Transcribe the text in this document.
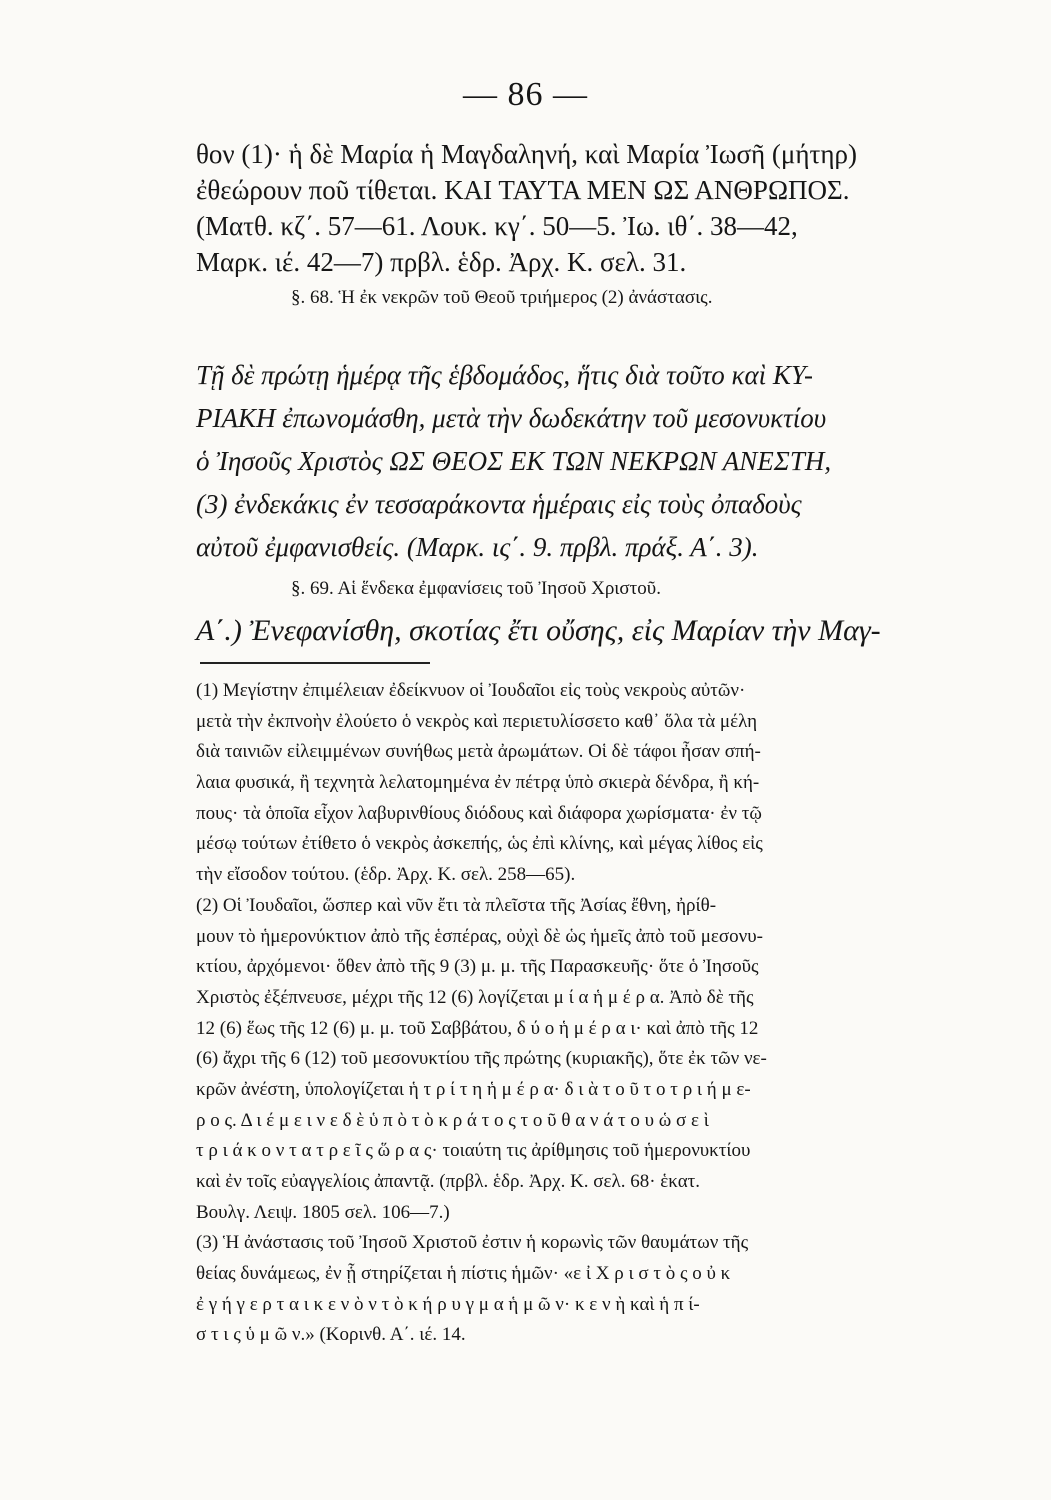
— 86 —
θον (1)· ἡ δὲ Μαρία ἡ Μαγδαληνή, καὶ Μαρία Ἰωσῆ (μήτηρ)
ἐθεώρουν ποῦ τίθεται. ΚΑΙ ΤΑΥΤΑ ΜΕΝ ΩΣ ΑΝΘΡΩΠΟΣ.
(Ματθ. κζ΄. 57—61. Λουκ. κγ΄. 50—5. Ἰω. ιθ΄. 38—42,
Μαρκ. ιέ. 42—7) πρβλ. ἑδρ. Ἀρχ. Κ. σελ. 31.
§. 68. Ἡ ἐκ νεκρῶν τοῦ Θεοῦ τριήμερος (2) ἀνάστασις.
Τῇ δὲ πρώτῃ ἡμέρᾳ τῆς ἑβδομάδος, ἥτις διὰ τοῦτο καὶ ΚΥ-
ΡΙΑΚΗ ἐπωνομάσθη, μετὰ τὴν δωδεκάτην τοῦ μεσονυκτίου
ὁ Ἰησοῦς Χριστὸς ΩΣ ΘΕΟΣ ΕΚ ΤΩΝ ΝΕΚΡΩΝ ΑΝΕΣΤΗ,
(3) ἐνδεκάκις ἐν τεσσαράκοντα ἡμέραις εἰς τοὺς ὀπαδοὺς
αὐτοῦ ἐμφανισθείς. (Μαρκ. ις΄. 9. πρβλ. πράξ. Α΄. 3).
§. 69. Αἱ ἕνδεκα ἐμφανίσεις τοῦ Ἰησοῦ Χριστοῦ.
Α΄.) Ἐνεφανίσθη, σκοτίας ἔτι οὔσης, εἰς Μαρίαν τὴν Μαγ-
(1) Μεγίστην ἐπιμέλειαν ἐδείκνυον οἱ Ἰουδαῖοι εἰς τοὺς νεκροὺς αὐτῶν·
μετὰ τὴν ἐκπνοὴν ἐλούετο ὁ νεκρὸς καὶ περιετυλίσσετο καθ᾽ ὅλα τὰ μέλη
διὰ ταινιῶν εἰλειμμένων συνήθως μετὰ ἀρωμάτων. Οἱ δὲ τάφοι ἦσαν σπή-
λαια φυσικά, ἢ τεχνητὰ λελατομημένα ἐν πέτρᾳ ὑπὸ σκιερὰ δένδρα, ἢ κή-
πους· τὰ ὁποῖα εἶχον λαβυρινθίους διόδους καὶ διάφορα χωρίσματα· ἐν τῷ
μέσῳ τούτων ἐτίθετο ὁ νεκρὸς ἀσκεπής, ὡς ἐπὶ κλίνης, καὶ μέγας λίθος εἰς
τὴν εἴσοδον τούτου. (ἑδρ. Ἀρχ. Κ. σελ. 258—65).
(2) Οἱ Ἰουδαῖοι, ὥσπερ καὶ νῦν ἔτι τὰ πλεῖστα τῆς Ἀσίας ἔθνη, ἠρίθ-
μουν τὸ ἡμερονύκτιον ἀπὸ τῆς ἑσπέρας, οὐχὶ δὲ ὡς ἡμεῖς ἀπὸ τοῦ μεσονυ-
κτίου, ἀρχόμενοι· ὅθεν ἀπὸ τῆς 9 (3) μ. μ. τῆς Παρασκευῆς· ὅτε ὁ Ἰησοῦς
Χριστὸς ἐξέπνευσε, μέχρι τῆς 12 (6) λογίζεται μ ί α ἡ μ έ ρ α. Ἀπὸ δὲ τῆς
12 (6) ἕως τῆς 12 (6) μ. μ. τοῦ Σαββάτου, δ ύ ο ἡ μ έ ρ α ι· καὶ ἀπὸ τῆς 12
(6) ἄχρι τῆς 6 (12) τοῦ μεσονυκτίου τῆς πρώτης (κυριακῆς), ὅτε ἐκ τῶν νε-
κρῶν ἀνέστη, ὑπολογίζεται ἡ τ ρ ί τ η ἡ μ έ ρ α· δ ι ὰ τ ο ῦ τ ο τ ρ ι ή μ ε-
ρ ο ς. Δ ι έ μ ε ι ν ε δ ὲ ὑ π ὸ τ ὸ κ ρ ά τ ο ς τ ο ῦ θ α ν ά τ ο υ ὡ σ ε ὶ
τ ρ ι ά κ ο ν τ α τ ρ ε ῖ ς ὥ ρ α ς· τοιαύτη τις ἀρίθμησις τοῦ ἡμερονυκτίου
καὶ ἐν τοῖς εὐαγγελίοις ἀπαντᾷ. (πρβλ. ἑδρ. Ἀρχ. Κ. σελ. 68· ἑκατ.
Βουλγ. Λειψ. 1805 σελ. 106—7.)
(3) Ἡ ἀνάστασις τοῦ Ἰησοῦ Χριστοῦ ἐστιν ἡ κορωνὶς τῶν θαυμάτων τῆς
θείας δυνάμεως, ἐν ᾗ στηρίζεται ἡ πίστις ἡμῶν· «ε ἰ Χ ρ ι σ τ ὸ ς ο ὐ κ
ἐ γ ή γ ε ρ τ α ι κ ε ν ὸ ν τ ὸ κ ή ρ υ γ μ α ἡ μ ῶ ν· κ ε ν ὴ καὶ ἡ π ί-
σ τ ι ς ὑ μ ῶ ν.» (Κορινθ. Α΄. ιέ. 14.
